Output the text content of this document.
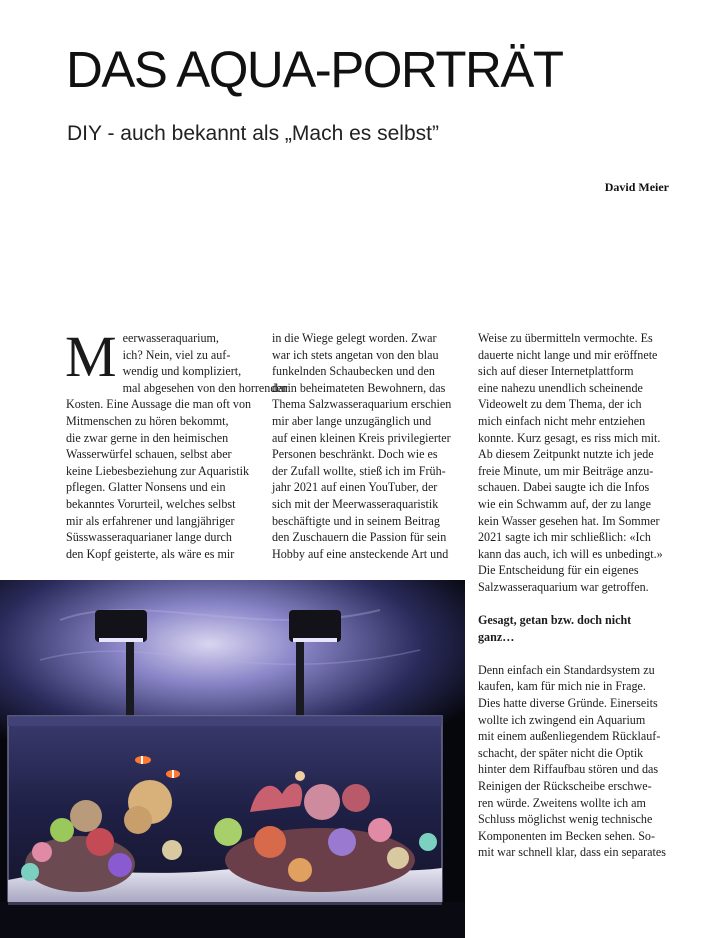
DAS AQUA-PORTRÄT
DIY - auch bekannt als „Mach es selbst”
David Meier
M eerwasseraquarium,
ich? Nein, viel zu auf-
wendig und kompliziert,
mal abgesehen von den horrenden
Kosten. Eine Aussage die man oft von
Mitmenschen zu hören bekommt,
die zwar gerne in den heimischen
Wasserwürfel schauen, selbst aber
keine Liebesbeziehung zur Aquaristik
pflegen. Glatter Nonsens und ein
bekanntes Vorurteil, welches selbst
mir als erfahrener und langjähriger
Süsswasseraquarianer lange durch
den Kopf geisterte, als wäre es mir

in die Wiege gelegt worden. Zwar
war ich stets angetan von den blau
funkelnden Schaubecken und den
darin beheimateten Bewohnern, das
Thema Salzwasseraquarium erschien
mir aber lange unzugänglich und
auf einen kleinen Kreis privilegierter
Personen beschränkt. Doch wie es
der Zufall wollte, stieß ich im Früh-
jahr 2021 auf einen YouTuber, der
sich mit der Meerwasseraquaristik
beschäftigte und in seinem Beitrag
den Zuschauern die Passion für sein
Hobby auf eine ansteckende Art und

Weise zu übermitteln vermochte. Es
dauerte nicht lange und mir eröffnete
sich auf dieser Internetplattform
eine nahezu unendlich scheinende
Videowelt zu dem Thema, der ich
mich einfach nicht mehr entziehen
konnte. Kurz gesagt, es riss mich mit.
Ab diesem Zeitpunkt nutzte ich jede
freie Minute, um mir Beiträge anzu-
schauen. Dabei saugte ich die Infos
wie ein Schwamm auf, der zu lange
kein Wasser gesehen hat. Im Sommer
2021 sagte ich mir schließlich: «Ich
kann das auch, ich will es unbedingt.»
Die Entscheidung für ein eigenes
Salzwasseraquarium war getroffen.

Gesagt, getan bzw. doch nicht
ganz…

Denn einfach ein Standardsystem zu
kaufen, kam für mich nie in Frage.
Dies hatte diverse Gründe. Einerseits
wollte ich zwingend ein Aquarium
mit einem außenliegendem Rücklauf-
schacht, der später nicht die Optik
hinter dem Riffaufbau stören und das
Reinigen der Rückscheibe erschwe-
ren würde. Zweitens wollte ich am
Schluss möglichst wenig technische
Komponenten im Becken sehen. So-
mit war schnell klar, dass ein separates
